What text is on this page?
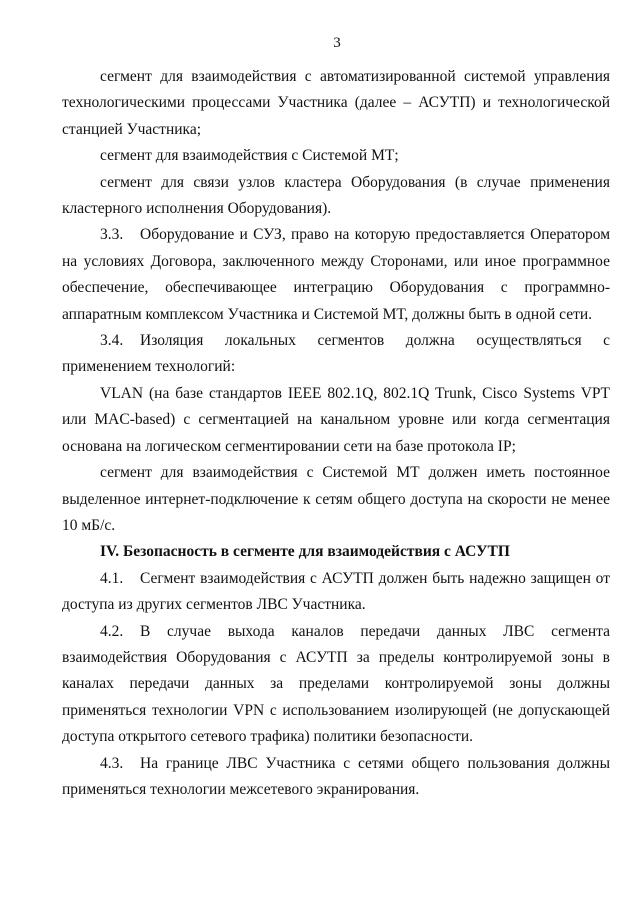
3

сегмент для взаимодействия с автоматизированной системой управления технологическими процессами Участника (далее – АСУТП) и технологической станцией Участника;

сегмент для взаимодействия с Системой МТ;

сегмент для связи узлов кластера Оборудования (в случае применения кластерного исполнения Оборудования).

3.3. Оборудование и СУЗ, право на которую предоставляется Оператором на условиях Договора, заключенного между Сторонами, или иное программное обеспечение, обеспечивающее интеграцию Оборудования с программно-аппаратным комплексом Участника и Системой МТ, должны быть в одной сети.

3.4. Изоляция локальных сегментов должна осуществляться с применением технологий:

VLAN (на базе стандартов IEEE 802.1Q, 802.1Q Trunk, Cisco Systems VPT или MAC-based) с сегментацией на канальном уровне или когда сегментация основана на логическом сегментировании сети на базе протокола IP;

сегмент для взаимодействия с Системой МТ должен иметь постоянное выделенное интернет-подключение к сетям общего доступа на скорости не менее 10 мБ/с.

IV. Безопасность в сегменте для взаимодействия с АСУТП

4.1. Сегмент взаимодействия с АСУТП должен быть надежно защищен от доступа из других сегментов ЛВС Участника.

4.2. В случае выхода каналов передачи данных ЛВС сегмента взаимодействия Оборудования с АСУТП за пределы контролируемой зоны в каналах передачи данных за пределами контролируемой зоны должны применяться технологии VPN с использованием изолирующей (не допускающей доступа открытого сетевого трафика) политики безопасности.

4.3. На границе ЛВС Участника с сетями общего пользования должны применяться технологии межсетевого экранирования.
